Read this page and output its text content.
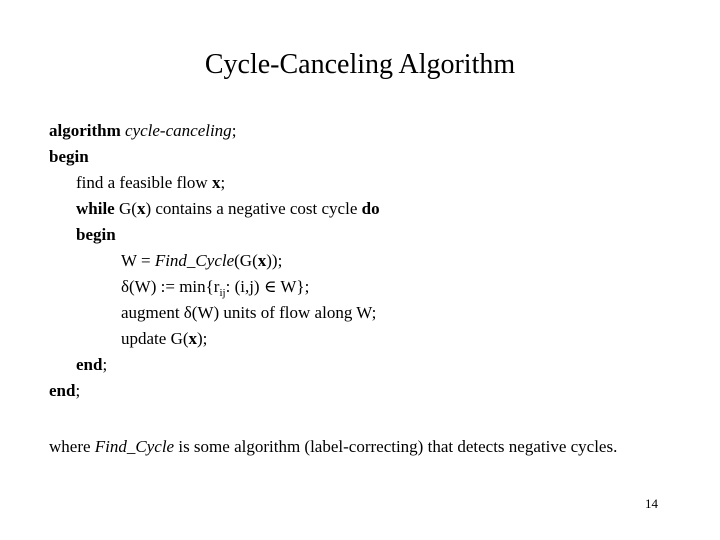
Cycle-Canceling Algorithm
algorithm cycle-canceling;
begin
find a feasible flow x;
while G(x) contains a negative cost cycle do
begin
W = Find_Cycle(G(x));
δ(W) := $\min\{r_{ij}$: (i,j) ∈ W};
augment δ(W) units of flow along W;
update G(x);
end;
end;
where Find_Cycle is some algorithm (label-correcting) that detects negative cycles.
14
